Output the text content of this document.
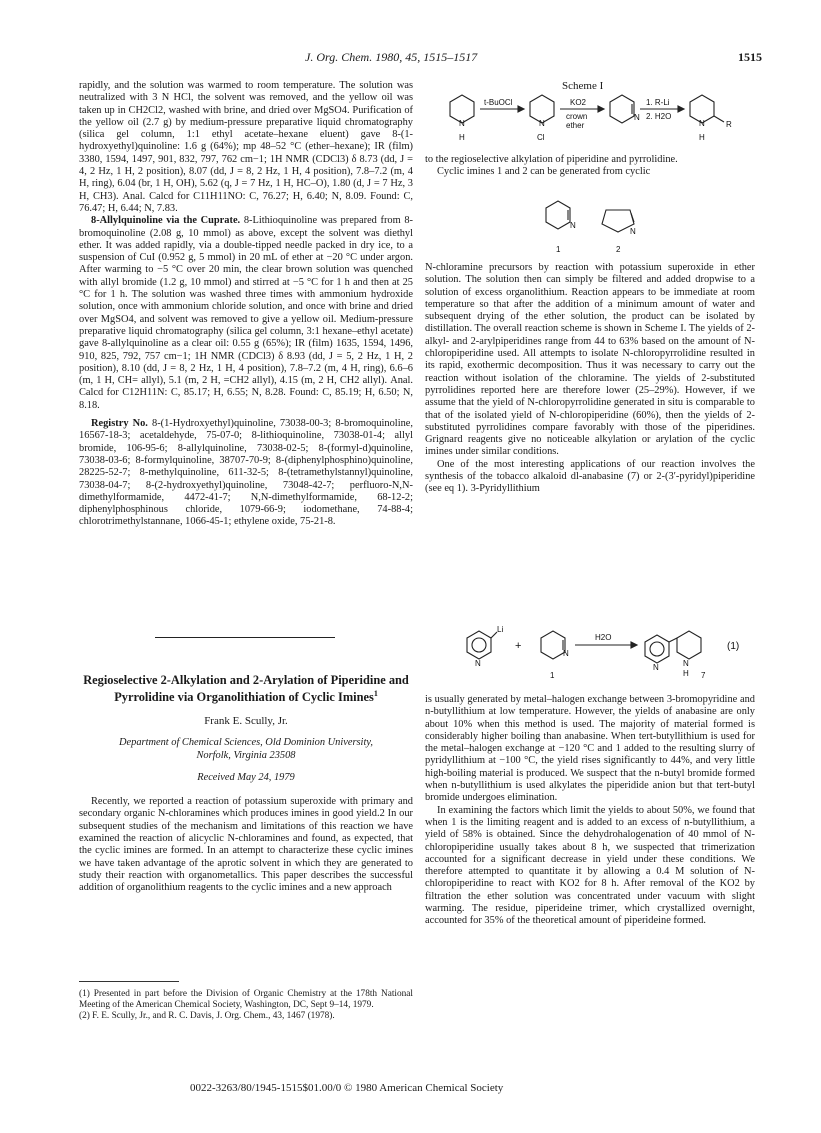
J. Org. Chem. 1980, 45, 1515–1517	1515

rapidly, and the solution was warmed to room temperature. The solution was neutralized with 3 N HCl, the solvent was removed, and the yellow oil was taken up in CH2Cl2, washed with brine, and dried over MgSO4. Purification of the yellow oil (2.7 g) by medium-pressure preparative liquid chromatography (silica gel column, 1:1 ethyl acetate–hexane eluent) gave 8-(1-hydroxyethyl)quinoline: 1.6 g (64%); mp 48–52 °C (ether–hexane); IR (film) 3380, 1594, 1497, 901, 832, 797, 762 cm−1; 1H NMR (CDCl3) δ 8.73 (dd, J = 4, 2 Hz, 1 H, 2 position), 8.07 (dd, J = 8, 2 Hz, 1 H, 4 position), 7.8–7.2 (m, 4 H, ring), 6.04 (br, 1 H, OH), 5.62 (q, J = 7 Hz, 1 H, HC–O), 1.80 (d, J = 7 Hz, 3 H, CH3). Anal. Calcd for C11H11NO: C, 76.27; H, 6.40; N, 8.09. Found: C, 76.47; H, 6.44; N, 7.83.

8-Allylquinoline via the Cuprate. 8-Lithioquinoline was prepared from 8-bromoquinoline (2.08 g, 10 mmol) as above, except the solvent was diethyl ether. It was added rapidly, via a double-tipped needle packed in dry ice, to a suspension of CuI (0.952 g, 5 mmol) in 20 mL of ether at −20 °C under argon. After warming to −5 °C over 20 min, the clear brown solution was quenched with allyl bromide (1.2 g, 10 mmol) and stirred at −5 °C for 1 h and then at 25 °C for 1 h. The solution was washed three times with ammonium hydroxide solution, once with ammonium chloride solution, and once with brine and dried over MgSO4, and solvent was removed to give a yellow oil. Medium-pressure preparative liquid chromatography (silica gel column, 3:1 hexane–ethyl acetate) gave 8-allylquinoline as a clear oil: 0.55 g (65%); IR (film) 1635, 1594, 1496, 910, 825, 792, 757 cm−1; 1H NMR (CDCl3) δ 8.93 (dd, J = 5, 2 Hz, 1 H, 2 position), 8.10 (dd, J = 8, 2 Hz, 1 H, 4 position), 7.8–7.2 (m, 4 H, ring), 6.6–6 (m, 1 H, CH= allyl), 5.1 (m, 2 H, =CH2 allyl), 4.15 (m, 2 H, CH2 allyl). Anal. Calcd for C12H11N: C, 85.17; H, 6.55; N, 8.28. Found: C, 85.19; H, 6.50; N, 8.18.

Registry No. 8-(1-Hydroxyethyl)quinoline, 73038-00-3; 8-bromoquinoline, 16567-18-3; acetaldehyde, 75-07-0; 8-lithioquinoline, 73038-01-4; allyl bromide, 106-95-6; 8-allylquinoline, 73038-02-5; 8-(formyl-d)quinoline, 73038-03-6; 8-formylquinoline, 38707-70-9; 8-(diphenylphosphino)quinoline, 28225-52-7; 8-methylquinoline, 611-32-5; 8-(tetramethylstannyl)quinoline, 73038-04-7; 8-(2-hydroxyethyl)quinoline, 73048-42-7; perfluoro-N,N-dimethylformamide, 4472-41-7; N,N-dimethylformamide, 68-12-2; diphenylphosphinous chloride, 1079-66-9; iodomethane, 74-88-4; chlorotrimethylstannane, 1066-45-1; ethylene oxide, 75-21-8.

Regioselective 2-Alkylation and 2-Arylation of Piperidine and Pyrrolidine via Organolithiation of Cyclic Imines$^1$

Frank E. Scully, Jr.

Department of Chemical Sciences, Old Dominion University, Norfolk, Virginia 23508

Received May 24, 1979

Recently, we reported a reaction of potassium superoxide with primary and secondary organic N-chloramines which produces imines in good yield.2 In our subsequent studies of the mechanism and limitations of this reaction we have examined the reaction of alicyclic N-chloramines and found, as expected, that the cyclic imines are formed. In an attempt to characterize these cyclic imines we have taken advantage of the aprotic solvent in which they are generated to study their reaction with organometallics. This paper describes the successful addition of organolithium reagents to the cyclic imines and a new approach

(1) Presented in part before the Division of Organic Chemistry at the 178th National Meeting of the American Chemical Society, Washington, DC, Sept 9–14, 1979.

(2) F. E. Scully, Jr., and R. C. Davis, J. Org. Chem., 43, 1467 (1978).

Scheme I
N
H
t-BuOCl
N
Cl
KO2
crown
ether
N
1. R-Li
2. H2O
N
H
R

to the regioselective alkylation of piperidine and pyrrolidine.

Cyclic imines 1 and 2 can be generated from cyclic

N
N
1	2

N-chloramine precursors by reaction with potassium superoxide in ether solution. The solution then can simply be filtered and added dropwise to a solution of excess organolithium. Reaction appears to be immediate at room temperature so that after the addition of a minimum amount of water and subsequent drying of the ether solution, the product can be isolated by distillation. The overall reaction scheme is shown in Scheme I. The yields of 2-alkyl- and 2-arylpiperidines range from 44 to 63% based on the amount of N-chloropiperidine used. All attempts to isolate N-chloropyrrolidine resulted in its rapid, exothermic decomposition. Thus it was necessary to carry out the reaction without isolation of the chloramine. The yields of 2-substituted pyrrolidines reported here are therefore lower (25–29%). However, if we assume that the yield of N-chloropyrrolidine generated in situ is comparable to that of the isolated yield of N-chloropiperidine (60%), then the yields of 2-substituted pyrrolidines compare favorably with those of the piperidines. Grignard reagents give no noticeable alkylation or arylation of the cyclic imines under similar conditions.

One of the most interesting applications of our reaction involves the synthesis of the tobacco alkaloid dl-anabasine (7) or 2-(3′-pyridyl)piperidine (see eq 1). 3-Pyridyllithium

Li
N
+
N
H2O
N	N
H
(1)
1	7

is usually generated by metal–halogen exchange between 3-bromopyridine and n-butyllithium at low temperature. However, the yields of anabasine are only about 10% when this method is used. The majority of material formed is considerably higher boiling than anabasine. When tert-butyllithium is used for the metal–halogen exchange at −120 °C and 1 added to the resulting slurry of pyridyllithium at −100 °C, the yield rises significantly to 44%, and very little high-boiling material is produced. We suspect that the n-butyl bromide formed when n-butyllithium is used alkylates the piperidide anion but that tert-butyl bromide undergoes elimination.

In examining the factors which limit the yields to about 50%, we found that when 1 is the limiting reagent and is added to an excess of n-butyllithium, a yield of 58% is obtained. Since the dehydrohalogenation of 40 mmol of N-chloropiperidine usually takes about 8 h, we suspected that trimerization accounted for a significant decrease in yield under these conditions. We therefore attempted to quantitate it by allowing a 0.4 M solution of N-chloropiperidine to react with KO2 for 8 h. After removal of the KO2 by filtration the ether solution was concentrated under vacuum with slight warming. The residue, piperideine trimer, which crystallized overnight, accounted for 35% of the theoretical amount of piperideine formed.

0022-3263/80/1945-1515$01.00/0 © 1980 American Chemical Society
